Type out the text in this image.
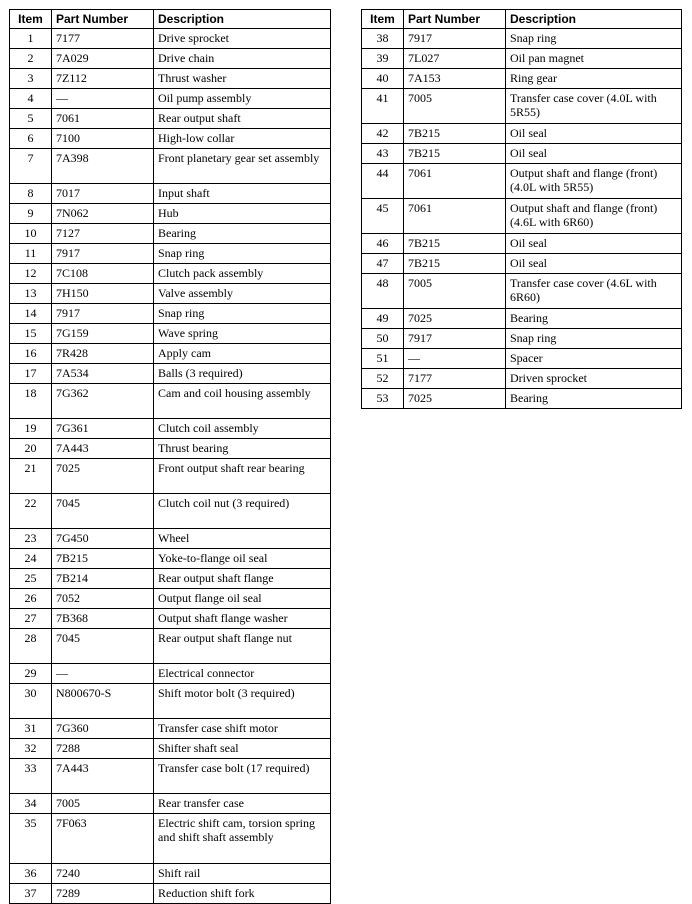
Item	Part Number	Description
1	7177	Drive sprocket
2	7A029	Drive chain
3	7Z112	Thrust washer
4	—	Oil pump assembly
5	7061	Rear output shaft
6	7100	High-low collar
7	7A398	Front planetary gear set assembly
8	7017	Input shaft
9	7N062	Hub
10	7127	Bearing
11	7917	Snap ring
12	7C108	Clutch pack assembly
13	7H150	Valve assembly
14	7917	Snap ring
15	7G159	Wave spring
16	7R428	Apply cam
17	7A534	Balls (3 required)
18	7G362	Cam and coil housing assembly
19	7G361	Clutch coil assembly
20	7A443	Thrust bearing
21	7025	Front output shaft rear bearing
22	7045	Clutch coil nut (3 required)
23	7G450	Wheel
24	7B215	Yoke-to-flange oil seal
25	7B214	Rear output shaft flange
26	7052	Output flange oil seal
27	7B368	Output shaft flange washer
28	7045	Rear output shaft flange nut
29	—	Electrical connector
30	N800670-S	Shift motor bolt (3 required)
31	7G360	Transfer case shift motor
32	7288	Shifter shaft seal
33	7A443	Transfer case bolt (17 required)
34	7005	Rear transfer case
35	7F063	Electric shift cam, torsion spring and shift shaft assembly
36	7240	Shift rail
37	7289	Reduction shift fork
Item	Part Number	Description
38	7917	Snap ring
39	7L027	Oil pan magnet
40	7A153	Ring gear
41	7005	Transfer case cover (4.0L with 5R55)
42	7B215	Oil seal
43	7B215	Oil seal
44	7061	Output shaft and flange (front) (4.0L with 5R55)
45	7061	Output shaft and flange (front) (4.6L with 6R60)
46	7B215	Oil seal
47	7B215	Oil seal
48	7005	Transfer case cover (4.6L with 6R60)
49	7025	Bearing
50	7917	Snap ring
51	—	Spacer
52	7177	Driven sprocket
53	7025	Bearing
